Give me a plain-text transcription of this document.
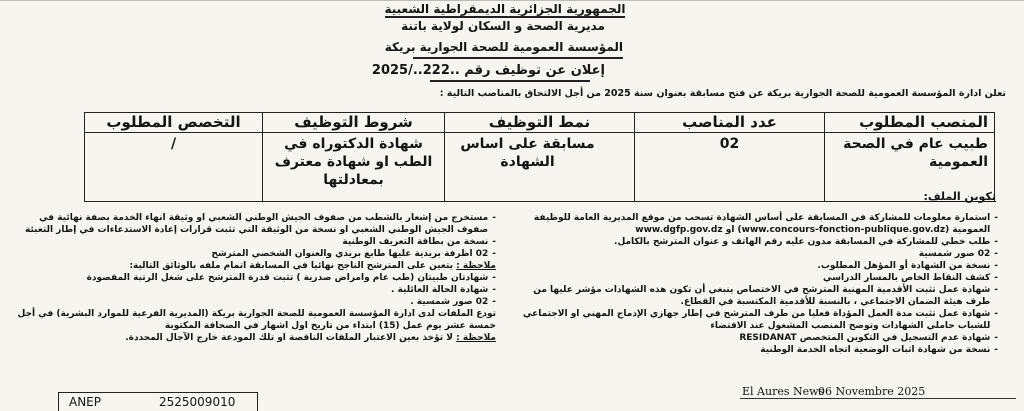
الجمهورية الجزائرية الديمقراطية الشعبية
مديرية الصحة و السكان لولاية باتنة
المؤسسة العمومية للصحة الجوارية بريكة
إعلان عن توظيف رقم ..222../2025
تعلن ادارة المؤسسة العمومية للصحة الجوارية بريكة عن فتح مسابقة بعنوان سنة 2025 من أجل الالتحاق بالمناصب التالية :
المنصب المطلوب	عدد المناصب	نمط التوظيف	شروط التوظيف	التخصص المطلوب
طبيب عام في الصحة العمومية	02	مسابقة على اساس الشهادة	شهادة الدكتوراه في الطب او شهادة معترف بمعادلتها	/
تكوين الملف:
-
استمارة معلومات للمشاركة في المسابقة على أساس الشهادة تسحب من موقع المديرية العامة للوظيفة العمومية (www.concours-fonction-publique.gov.dz) او www.dgfp.gov.dz
-
طلب خطي للمشاركة في المسابقة مدون عليه رقم الهاتف و عنوان المترشح بالكامل.
-
02 صور شمسية
-
نسخة من الشهادة أو المؤهل المطلوب.
-
كشف النقاط الخاص بالمسار الدراسي
-
شهادة عمل تثبت الأقدمية المهنية المترشح في الاختصاص ينبغي أن تكون هذه الشهادات مؤشر عليها من طرف هيئة الضمان الاجتماعي ، بالنسبة للأقدمية المكتسبة في القطاع.
-
شهادة عمل تثبت مدة العمل المؤداة فعليا من طرف المترشح في إطار جهازي الإدماج المهني او الاجتماعي للشباب حاملي الشهادات وتوضح المنصب المشغول عند الاقتضاء
-
شهادة عدم التسجيل في التكوين المتخصص RESIDANAT
-
نسخة من شهادة اثبات الوضعية اتجاه الخدمة الوطنية
-
مستخرج من إشعار بالشطب من صفوف الجيش الوطني الشعبي او وثيقة انهاء الخدمة بصفة نهائية في صفوف الجيش الوطني الشعبي او نسخة من الوثيقة التي تثبت قرارات إعادة الاستدعاءات في إطار التعبئة
-
نسخة من بطاقة التعريف الوطنية
-
02 اظرفة بريدية عليها طابع بريدي والعنوان الشخصي المترشح

ملاحظة : يتعين على المترشح الناجح نهائيا في المسابقة اتمام ملفه بالوثائق التالية:

-
شهادتان طبيتان (طب عام وامراض صدرية ) تثبت قدرة المترشح على شغل الرتبة المقصودة
-
شهادة الحالة العائلية .
-
02 صور شمسية .

تودع الملفات لدى ادارة المؤسسة العمومية للصحة الجوارية بريكة (المديرية الفرعية للموارد البشرية) في أجل خمسة عشر يوم عمل (15) ابتداء من تاريخ اول اشهار في الصحافة المكتوبة

ملاحظة : لا تؤخذ بعين الاعتبار الملفات الناقصة او تلك المودعة خارج الآجال المحددة.

ANEP	2525009010
El Aures News
06 Novembre 2025
